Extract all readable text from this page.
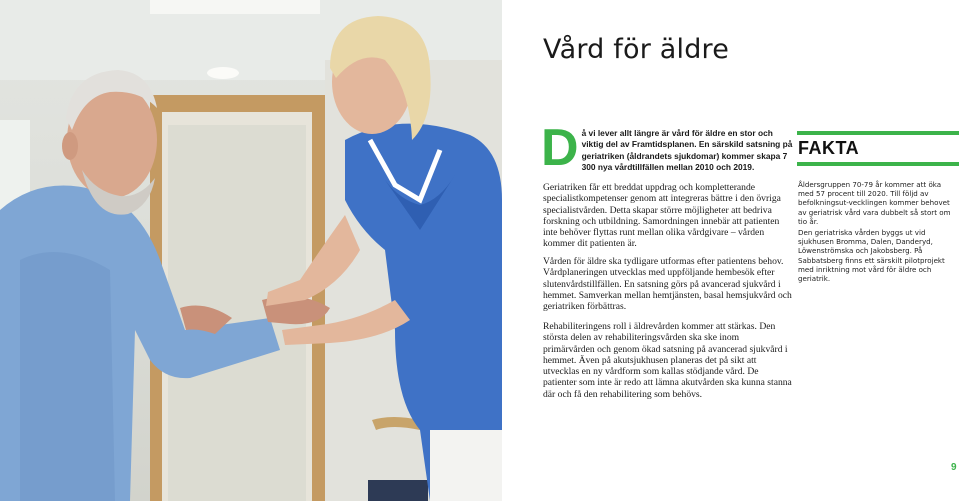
Vård för äldre
D å vi lever allt längre är vård för äldre en stor och viktig del av Framtidsplanen. En särskild satsning på geriatriken (åldrandets sjukdomar) kommer skapa 7 300 nya vårdtillfällen mellan 2010 och 2019.

Geriatriken får ett breddat uppdrag och kompletterande specialistkompetenser genom att integreras bättre i den övriga specialistvården. Detta skapar större möjligheter att bedriva forskning och utbildning. Samordningen innebär att patienten inte behöver flyttas runt mellan olika vårdgivare – vården kommer dit patienten är.

Vården för äldre ska tydligare utformas efter patientens behov. Vårdplaneringen utvecklas med uppföljande hembesök efter slutenvårdstillfällen. En satsning görs på avancerad sjukvård i hemmet. Samverkan mellan hemtjänsten, basal hemsjukvård och geriatriken förbättras.

Rehabiliteringens roll i äldrevården kommer att stärkas. Den största delen av rehabiliteringsvården ska ske inom primärvården och genom ökad satsning på avancerad sjukvård i hemmet. Även på akutsjukhusen planeras det på sikt att utvecklas en ny vårdform som kallas stödjande vård. De patienter som inte är redo att lämna akutvården ska kunna stanna där och få den rehabilitering som behövs.

FAKTA

Åldersgruppen 70-79 år kommer att öka med 57 procent till 2020. Till följd av befolkningsut-vecklingen kommer behovet av geriatrisk vård vara dubbelt så stort om tio år.

Den geriatriska vården byggs ut vid sjukhusen Bromma, Dalen, Danderyd, Löwenströmska och Jakobsberg. På Sabbatsberg finns ett särskilt pilotprojekt med inriktning mot vård för äldre och geriatrik.

9
